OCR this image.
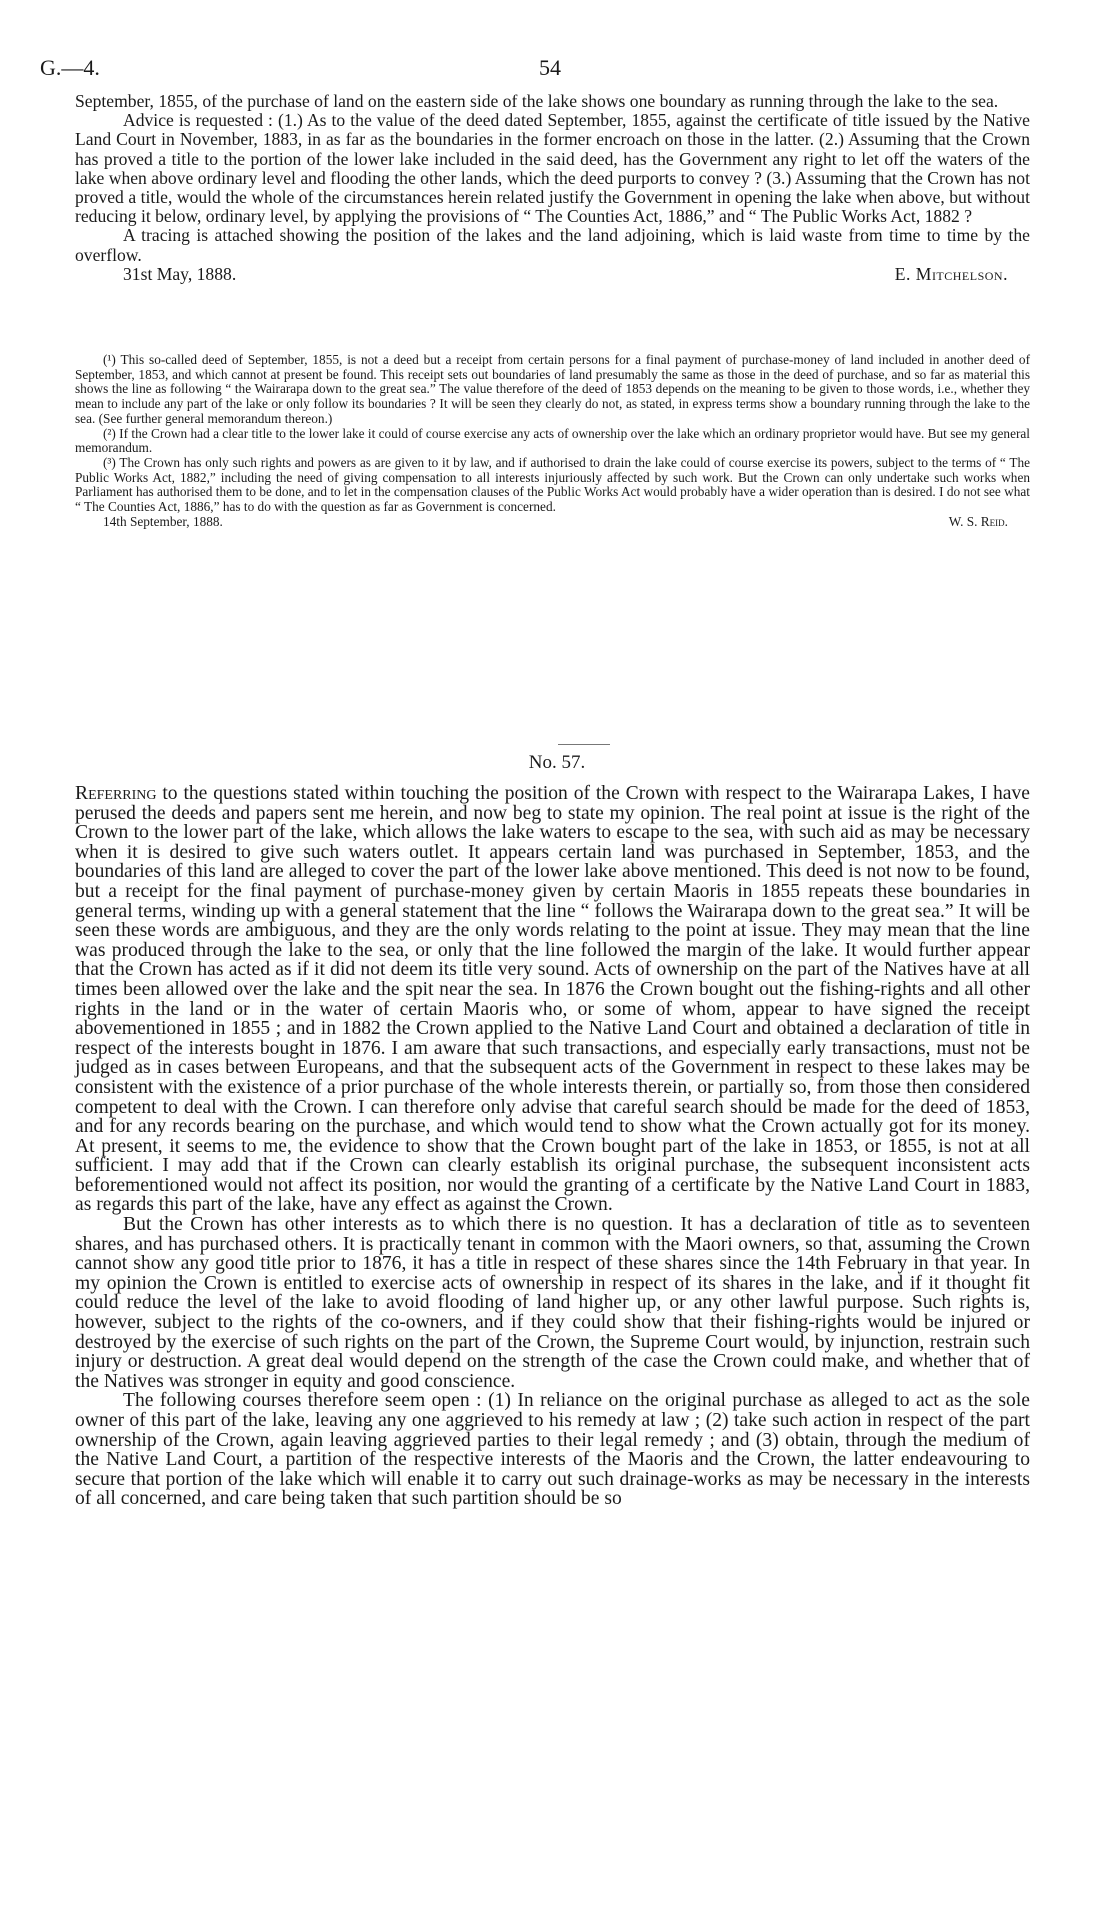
G.—4.	54

September, 1855, of the purchase of land on the eastern side of the lake shows one boundary as running through the lake to the sea.

Advice is requested : (1.) As to the value of the deed dated September, 1855, against the certificate of title issued by the Native Land Court in November, 1883, in as far as the boundaries in the former encroach on those in the latter. (2.) Assuming that the Crown has proved a title to the portion of the lower lake included in the said deed, has the Government any right to let off the waters of the lake when above ordinary level and flooding the other lands, which the deed purports to convey ? (3.) Assuming that the Crown has not proved a title, would the whole of the circumstances herein related justify the Government in opening the lake when above, but without reducing it below, ordinary level, by applying the provisions of “ The Counties Act, 1886,” and “ The Public Works Act, 1882 ?

A tracing is attached showing the position of the lakes and the land adjoining, which is laid waste from time to time by the overflow.

31st May, 1888.	E. Mitchelson.

(¹) This so-called deed of September, 1855, is not a deed but a receipt from certain persons for a final payment of purchase-money of land included in another deed of September, 1853, and which cannot at present be found. This receipt sets out boundaries of land presumably the same as those in the deed of purchase, and so far as material this shows the line as following “ the Wairarapa down to the great sea.” The value therefore of the deed of 1853 depends on the meaning to be given to those words, i.e., whether they mean to include any part of the lake or only follow its boundaries ? It will be seen they clearly do not, as stated, in express terms show a boundary running through the lake to the sea. (See further general memorandum thereon.)

(²) If the Crown had a clear title to the lower lake it could of course exercise any acts of ownership over the lake which an ordinary proprietor would have. But see my general memorandum.

(³) The Crown has only such rights and powers as are given to it by law, and if authorised to drain the lake could of course exercise its powers, subject to the terms of “ The Public Works Act, 1882,” including the need of giving compensation to all interests injuriously affected by such work. But the Crown can only undertake such works when Parliament has authorised them to be done, and to let in the compensation clauses of the Public Works Act would probably have a wider operation than is desired. I do not see what “ The Counties Act, 1886,” has to do with the question as far as Government is concerned.

14th September, 1888.	W. S. Reid.
No. 57.

Referring to the questions stated within touching the position of the Crown with respect to the Wairarapa Lakes, I have perused the deeds and papers sent me herein, and now beg to state my opinion. The real point at issue is the right of the Crown to the lower part of the lake, which allows the lake waters to escape to the sea, with such aid as may be necessary when it is desired to give such waters outlet. It appears certain land was purchased in September, 1853, and the boundaries of this land are alleged to cover the part of the lower lake above mentioned. This deed is not now to be found, but a receipt for the final payment of purchase-money given by certain Maoris in 1855 repeats these boundaries in general terms, winding up with a general statement that the line “ follows the Wairarapa down to the great sea.” It will be seen these words are ambiguous, and they are the only words relating to the point at issue. They may mean that the line was produced through the lake to the sea, or only that the line followed the margin of the lake. It would further appear that the Crown has acted as if it did not deem its title very sound. Acts of ownership on the part of the Natives have at all times been allowed over the lake and the spit near the sea. In 1876 the Crown bought out the fishing-rights and all other rights in the land or in the water of certain Maoris who, or some of whom, appear to have signed the receipt abovementioned in 1855 ; and in 1882 the Crown applied to the Native Land Court and obtained a declaration of title in respect of the interests bought in 1876. I am aware that such transactions, and especially early transactions, must not be judged as in cases between Europeans, and that the subsequent acts of the Government in respect to these lakes may be consistent with the existence of a prior purchase of the whole interests therein, or partially so, from those then considered competent to deal with the Crown. I can therefore only advise that careful search should be made for the deed of 1853, and for any records bearing on the purchase, and which would tend to show what the Crown actually got for its money. At present, it seems to me, the evidence to show that the Crown bought part of the lake in 1853, or 1855, is not at all sufficient. I may add that if the Crown can clearly establish its original purchase, the subsequent inconsistent acts beforementioned would not affect its position, nor would the granting of a certificate by the Native Land Court in 1883, as regards this part of the lake, have any effect as against the Crown.

But the Crown has other interests as to which there is no question. It has a declaration of title as to seventeen shares, and has purchased others. It is practically tenant in common with the Maori owners, so that, assuming the Crown cannot show any good title prior to 1876, it has a title in respect of these shares since the 14th February in that year. In my opinion the Crown is entitled to exercise acts of ownership in respect of its shares in the lake, and if it thought fit could reduce the level of the lake to avoid flooding of land higher up, or any other lawful purpose. Such rights is, however, subject to the rights of the co-owners, and if they could show that their fishing-rights would be injured or destroyed by the exercise of such rights on the part of the Crown, the Supreme Court would, by injunction, restrain such injury or destruction. A great deal would depend on the strength of the case the Crown could make, and whether that of the Natives was stronger in equity and good conscience.

The following courses therefore seem open : (1) In reliance on the original purchase as alleged to act as the sole owner of this part of the lake, leaving any one aggrieved to his remedy at law ; (2) take such action in respect of the part ownership of the Crown, again leaving aggrieved parties to their legal remedy ; and (3) obtain, through the medium of the Native Land Court, a partition of the respective interests of the Maoris and the Crown, the latter endeavouring to secure that portion of the lake which will enable it to carry out such drainage-works as may be necessary in the interests of all concerned, and care being taken that such partition should be so
